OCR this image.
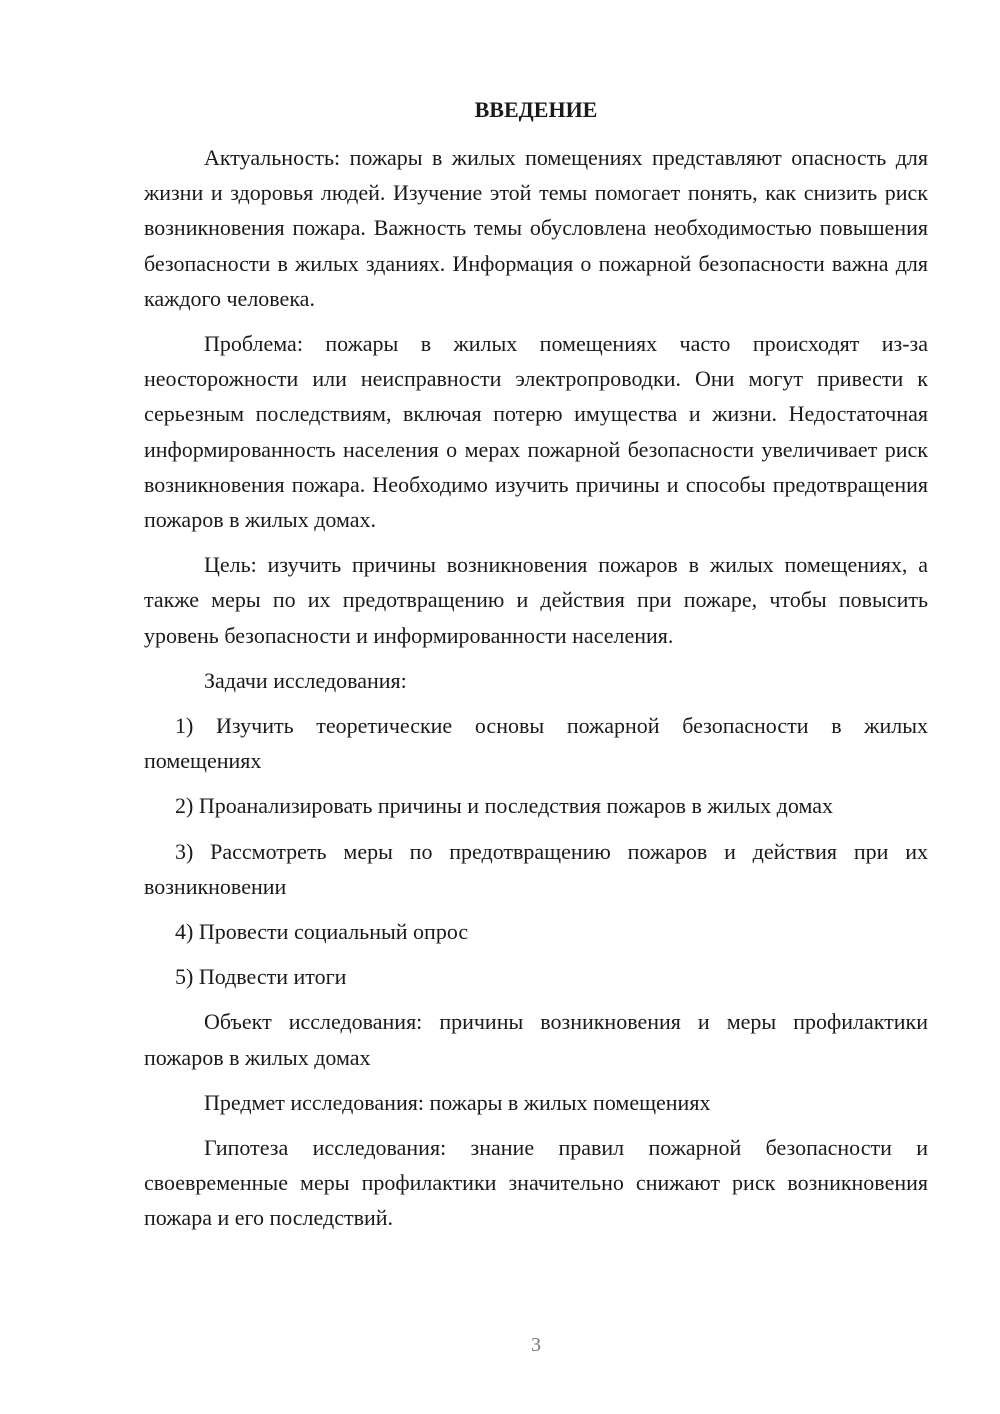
ВВЕДЕНИЕ

Актуальность: пожары в жилых помещениях представляют опасность для жизни и здоровья людей. Изучение этой темы помогает понять, как снизить риск возникновения пожара. Важность темы обусловлена необходимостью повышения безопасности в жилых зданиях. Информация о пожарной безопасности важна для каждого человека.

Проблема: пожары в жилых помещениях часто происходят из-за неосторожности или неисправности электропроводки. Они могут привести к серьезным последствиям, включая потерю имущества и жизни. Недостаточная информированность населения о мерах пожарной безопасности увеличивает риск возникновения пожара. Необходимо изучить причины и способы предотвращения пожаров в жилых домах.

Цель: изучить причины возникновения пожаров в жилых помещениях, а также меры по их предотвращению и действия при пожаре, чтобы повысить уровень безопасности и информированности населения.

Задачи исследования:

1) Изучить теоретические основы пожарной безопасности в жилых помещениях

2) Проанализировать причины и последствия пожаров в жилых домах

3) Рассмотреть меры по предотвращению пожаров и действия при их возникновении

4) Провести социальный опрос

5) Подвести итоги

Объект исследования: причины возникновения и меры профилактики пожаров в жилых домах

Предмет исследования: пожары в жилых помещениях

Гипотеза исследования: знание правил пожарной безопасности и своевременные меры профилактики значительно снижают риск возникновения пожара и его последствий.

3
